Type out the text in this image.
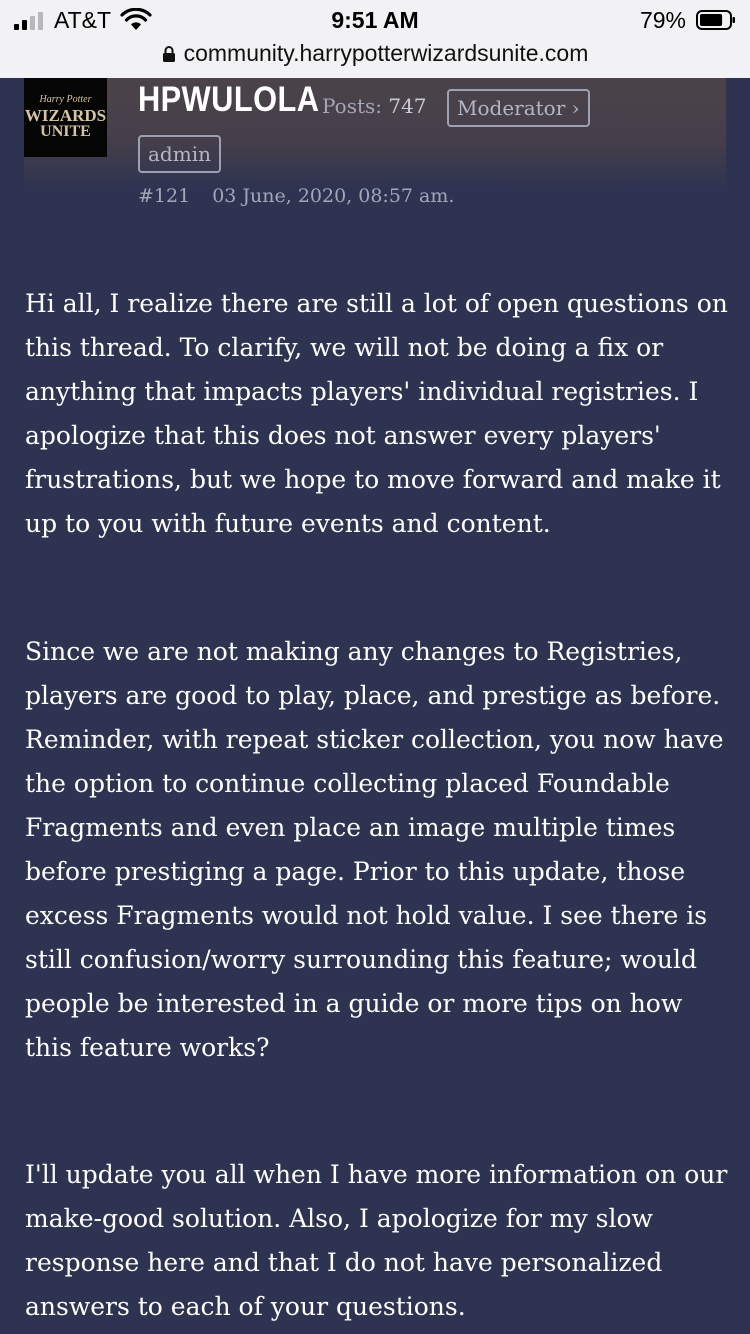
AT&T	9:51 AM	79%
community.harrypotterwizardsunite.com
Harry Potter
WIZARDS
UNITE
HPWULOLA Posts: 747	Moderator ›
admin
#121 03 June, 2020, 08:57 am.

Hi all, I realize there are still a lot of open questions on this thread. To clarify, we will not be doing a fix or anything that impacts players' individual registries. I apologize that this does not answer every players' frustrations, but we hope to move forward and make it up to you with future events and content.

Since we are not making any changes to Registries, players are good to play, place, and prestige as before. Reminder, with repeat sticker collection, you now have the option to continue collecting placed Foundable Fragments and even place an image multiple times before prestiging a page. Prior to this update, those excess Fragments would not hold value. I see there is still confusion/worry surrounding this feature; would people be interested in a guide or more tips on how this feature works?

I'll update you all when I have more information on our make-good solution. Also, I apologize for my slow response here and that I do not have personalized answers to each of your questions.
